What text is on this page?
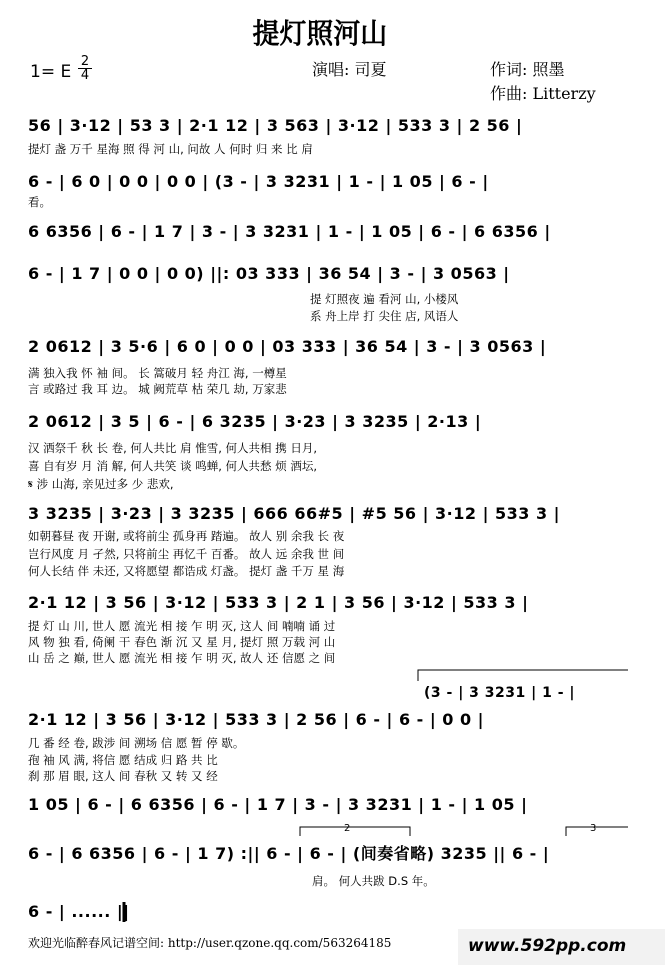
提灯照河山
1= E
2
4	演唱: 司夏	作词: 照墨
作曲: Litterzy
56 | 3·12 | 53 3 | 2·1 12 | 3 563 | 3·12 | 533 3 | 2 56 |
提灯 盏 万千 星海 照 得 河 山, 问故 人 何时 归 来 比 肩
6 - | 6 0 | 0 0 | 0 0 | (3 - | 3 3231 | 1 - | 1 05 | 6 - |
看。
6 6356 | 6 - | 1 7 | 3 - | 3 3231 | 1 - | 1 05 | 6 - | 6 6356 |
6 - | 1 7 | 0 0 | 0 0) ||: 03 333 | 36 54 | 3 - | 3 0563 |
提 灯照夜 遍 看河 山, 小楼风
系 舟上岸 打 尖住 店, 风语人
2 0612 | 3 5·6 | 6 0 | 0 0 | 03 333 | 36 54 | 3 - | 3 0563 |
满 独入我 怀 袖 间。 长 篙破月 轻 舟江 海, 一樽星
言 或路过 我 耳 边。 城 阙荒草 枯 荣几 劫, 万家悲
2 0612 | 3 5 | 6 - | 6 3235 | 3·23 | 3 3235 | 2·13 |
汉 洒祭千 秋 长 卷, 何人共比 肩 惟雪, 何人共相 携 日月,
喜 自有岁 月 消 解, 何人共笑 谈 鸣蝉, 何人共愁 烦 酒坛,
𝄋 涉 山海, 亲见过多 少 悲欢,
3 3235 | 3·23 | 3 3235 | 666 66#5 | #5 56 | 3·12 | 533 3 |
如朝暮昼 夜 开谢, 或将前尘 孤身再 踏遍。 故人 别 余我 长 夜
岂行风度 月 孑然, 只将前尘 再忆千 百番。 故人 远 余我 世 间
何人长结 伴 未还, 又将愿望 都诰成 灯盏。 提灯 盏 千万 星 海
2·1 12 | 3 56 | 3·12 | 533 3 | 2 1 | 3 56 | 3·12 | 533 3 |
提 灯 山 川, 世人 愿 流光 相 接 乍 明 灭, 这人 间 喃喃 诵 过
风 物 独 看, 倚阑 干 春色 渐 沉 又 星 月, 提灯 照 万载 河 山
山 岳 之 巅, 世人 愿 流光 相 接 乍 明 灭, 故人 还 信愿 之 间
(3 - | 3 3231 | 1 - |
2·1 12 | 3 56 | 3·12 | 533 3 | 2 56 | 6 - | 6 - | 0 0 |
几 番 经 卷, 跋涉 间 溯场 信 愿 暂 停 歇。
孢 袖 风 满, 将信 愿 结成 归 路 共 比
刹 那 眉 眼, 这人 间 春秋 又 转 又 经
1 05 | 6 - | 6 6356 | 6 - | 1 7 | 3 - | 3 3231 | 1 - | 1 05 |
6 - | 6 6356 | 6 - | 1 7) :|| 6 - | 6 - | (间奏省略) 3235 || 6 - |
肩。 何人共跋 D.S 年。
6 - | ...... ||
2	3
欢迎光临醉春风记谱空间: http://user.qzone.qq.com/563264185	www.592pp.com
